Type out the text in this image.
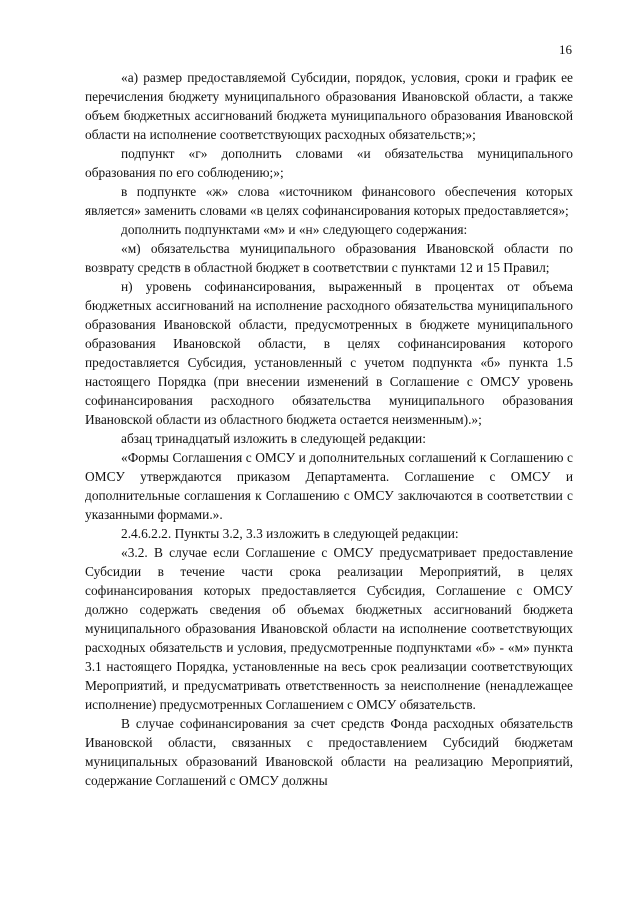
16

«а) размер предоставляемой Субсидии, порядок, условия, сроки и график ее перечисления бюджету муниципального образования Ивановской области, а также объем бюджетных ассигнований бюджета муниципального образования Ивановской области на исполнение соответствующих расходных обязательств;»;

подпункт «г» дополнить словами «и обязательства муниципального образования по его соблюдению;»;

в подпункте «ж» слова «источником финансового обеспечения которых является» заменить словами «в целях софинансирования которых предоставляется»;

дополнить подпунктами «м» и «н» следующего содержания:

«м) обязательства муниципального образования Ивановской области по возврату средств в областной бюджет в соответствии с пунктами 12 и 15 Правил;

н) уровень софинансирования, выраженный в процентах от объема бюджетных ассигнований на исполнение расходного обязательства муниципального образования Ивановской области, предусмотренных в бюджете муниципального образования Ивановской области, в целях софинансирования которого предоставляется Субсидия, установленный с учетом подпункта «б» пункта 1.5 настоящего Порядка (при внесении изменений в Соглашение с ОМСУ уровень софинансирования расходного обязательства муниципального образования Ивановской области из областного бюджета остается неизменным).»;

абзац тринадцатый изложить в следующей редакции:

«Формы Соглашения с ОМСУ и дополнительных соглашений к Соглашению с ОМСУ утверждаются приказом Департамента. Соглашение с ОМСУ и дополнительные соглашения к Соглашению с ОМСУ заключаются в соответствии с указанными формами.».

2.4.6.2.2. Пункты 3.2, 3.3 изложить в следующей редакции:

«3.2. В случае если Соглашение с ОМСУ предусматривает предоставление Субсидии в течение части срока реализации Мероприятий, в целях софинансирования которых предоставляется Субсидия, Соглашение с ОМСУ должно содержать сведения об объемах бюджетных ассигнований бюджета муниципального образования Ивановской области на исполнение соответствующих расходных обязательств и условия, предусмотренные подпунктами «б» - «м» пункта 3.1 настоящего Порядка, установленные на весь срок реализации соответствующих Мероприятий, и предусматривать ответственность за неисполнение (ненадлежащее исполнение) предусмотренных Соглашением с ОМСУ обязательств.

В случае софинансирования за счет средств Фонда расходных обязательств Ивановской области, связанных с предоставлением Субсидий бюджетам муниципальных образований Ивановской области на реализацию Мероприятий, содержание Соглашений с ОМСУ должны
